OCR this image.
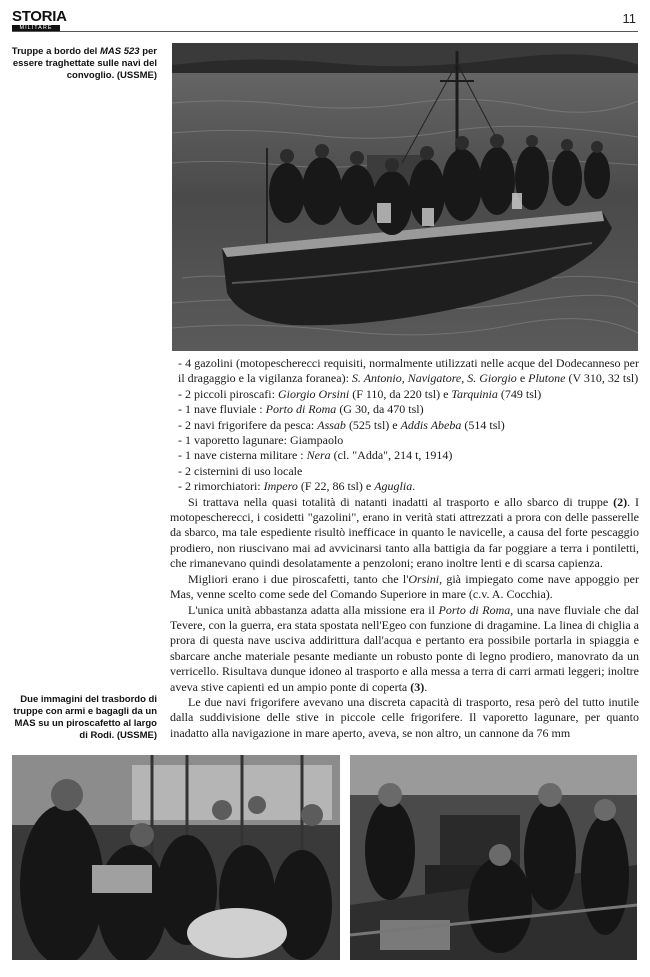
STORIA
MILITARE
11
Truppe a bordo del MAS 523 per essere traghettate sulle navi del convoglio. (USSME)
- 4 gazolini (motopescherecci requisiti, normalmente utilizzati nelle acque del Dodecanneso per il dragaggio e la vigilanza foranea): S. Antonio, Navigatore, S. Giorgio e Plutone (V 310, 32 tsl)
- 2 piccoli piroscafi: Giorgio Orsini (F 110, da 220 tsl) e Tarquinia (749 tsl)
- 1 nave fluviale : Porto di Roma (G 30, da 470 tsl)
- 2 navi frigorifere da pesca: Assab (525 tsl) e Addis Abeba (514 tsl)
- 1 vaporetto lagunare: Giampaolo
- 1 nave cisterna militare : Nera (cl. "Adda", 214 t, 1914)
- 2 cisternini di uso locale
- 2 rimorchiatori: Impero (F 22, 86 tsl) e Aguglia.

Si trattava nella quasi totalità di natanti inadatti al trasporto e allo sbarco di truppe (2). I motopescherecci, i cosidetti "gazolini", erano in verità stati attrezzati a prora con delle passerelle da sbarco, ma tale espediente risultò inefficace in quanto le navicelle, a causa del forte pescaggio prodiero, non riuscivano mai ad avvicinarsi tanto alla battigia da far poggiare a terra i pontiletti, che rimanevano quindi desolatamente a penzoloni; erano inoltre lenti e di scarsa capienza.

Migliori erano i due piroscafetti, tanto che l'Orsini, già impiegato come nave appoggio per Mas, venne scelto come sede del Comando Superiore in mare (c.v. A. Cocchia).

L'unica unità abbastanza adatta alla missione era il Porto di Roma, una nave fluviale che dal Tevere, con la guerra, era stata spostata nell'Egeo con funzione di dragamine. La linea di chiglia a prora di questa nave usciva addirittura dall'acqua e pertanto era possibile portarla in spiaggia e sbarcare anche materiale pesante mediante un robusto ponte di legno prodiero, manovrato da un verricello. Risultava dunque idoneo al trasporto e alla messa a terra di carri armati leggeri; inoltre aveva stive capienti ed un ampio ponte di coperta (3).

Le due navi frigorifere avevano una discreta capacità di trasporto, resa però del tutto inutile dalla suddivisione delle stive in piccole celle frigorifere. Il vaporetto lagunare, per quanto inadatto alla navigazione in mare aperto, aveva, se non altro, un cannone da 76 mm

Due immagini del trasbordo di truppe con armi e bagagli da un MAS su un piroscafetto al largo di Rodi. (USSME)
